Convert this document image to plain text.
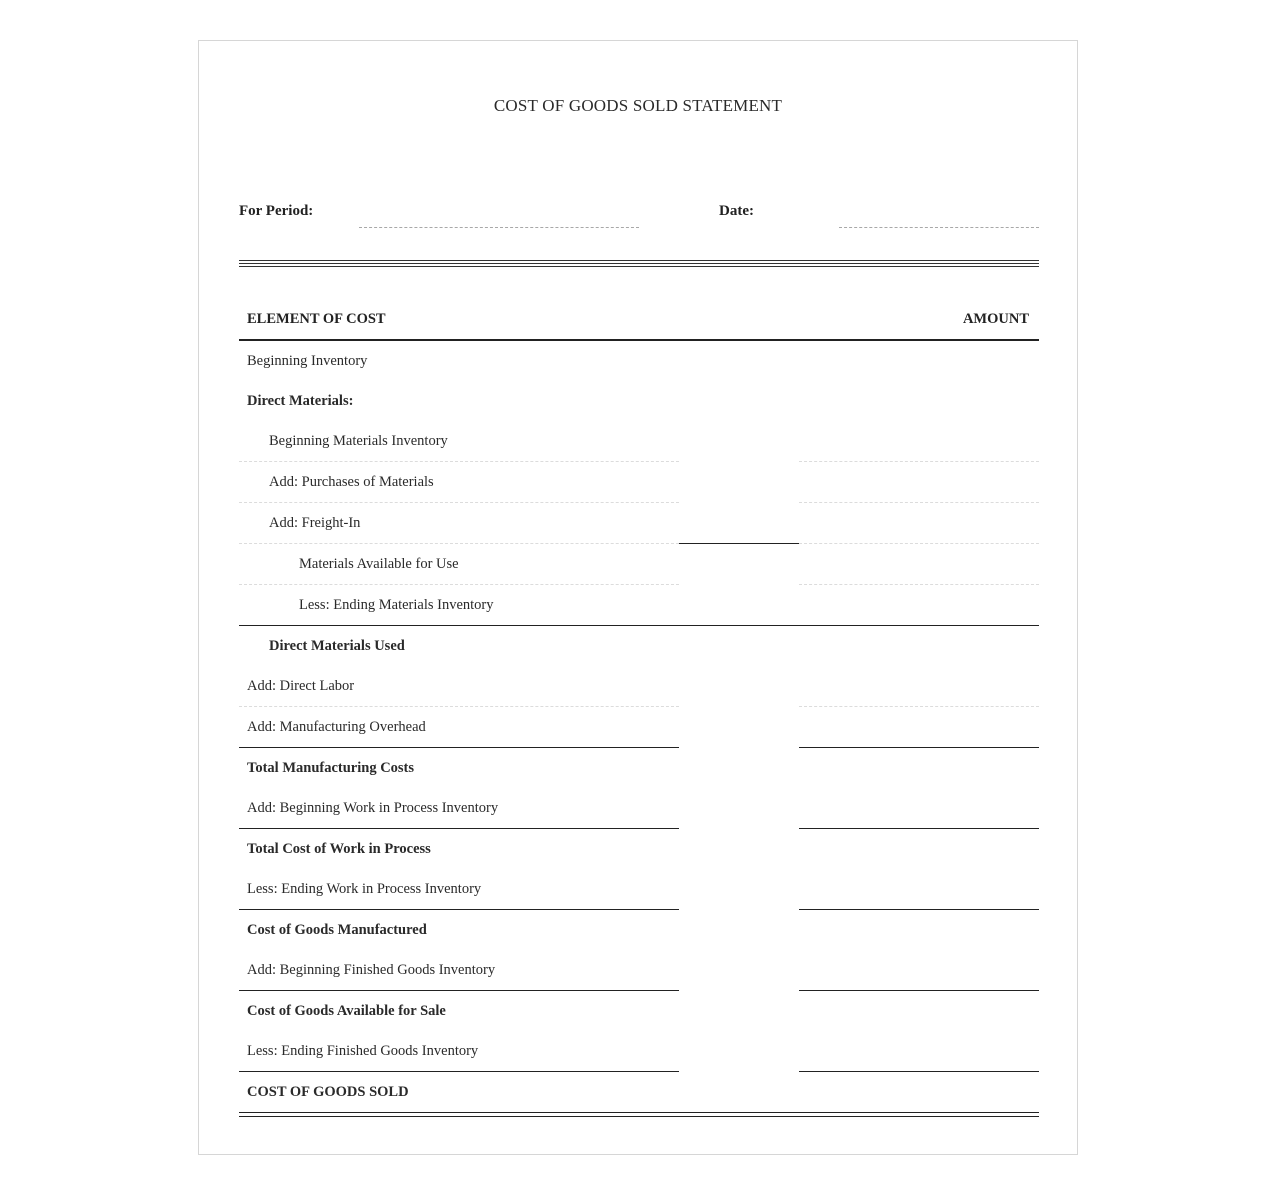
COST OF GOODS SOLD STATEMENT
For Period:	Date:
ELEMENT OF COST	AMOUNT
Beginning Inventory
Direct Materials:
Beginning Materials Inventory
Add: Purchases of Materials
Add: Freight-In
Materials Available for Use
Less: Ending Materials Inventory
Direct Materials Used
Add: Direct Labor
Add: Manufacturing Overhead
Total Manufacturing Costs
Add: Beginning Work in Process Inventory
Total Cost of Work in Process
Less: Ending Work in Process Inventory
Cost of Goods Manufactured
Add: Beginning Finished Goods Inventory
Cost of Goods Available for Sale
Less: Ending Finished Goods Inventory
COST OF GOODS SOLD
